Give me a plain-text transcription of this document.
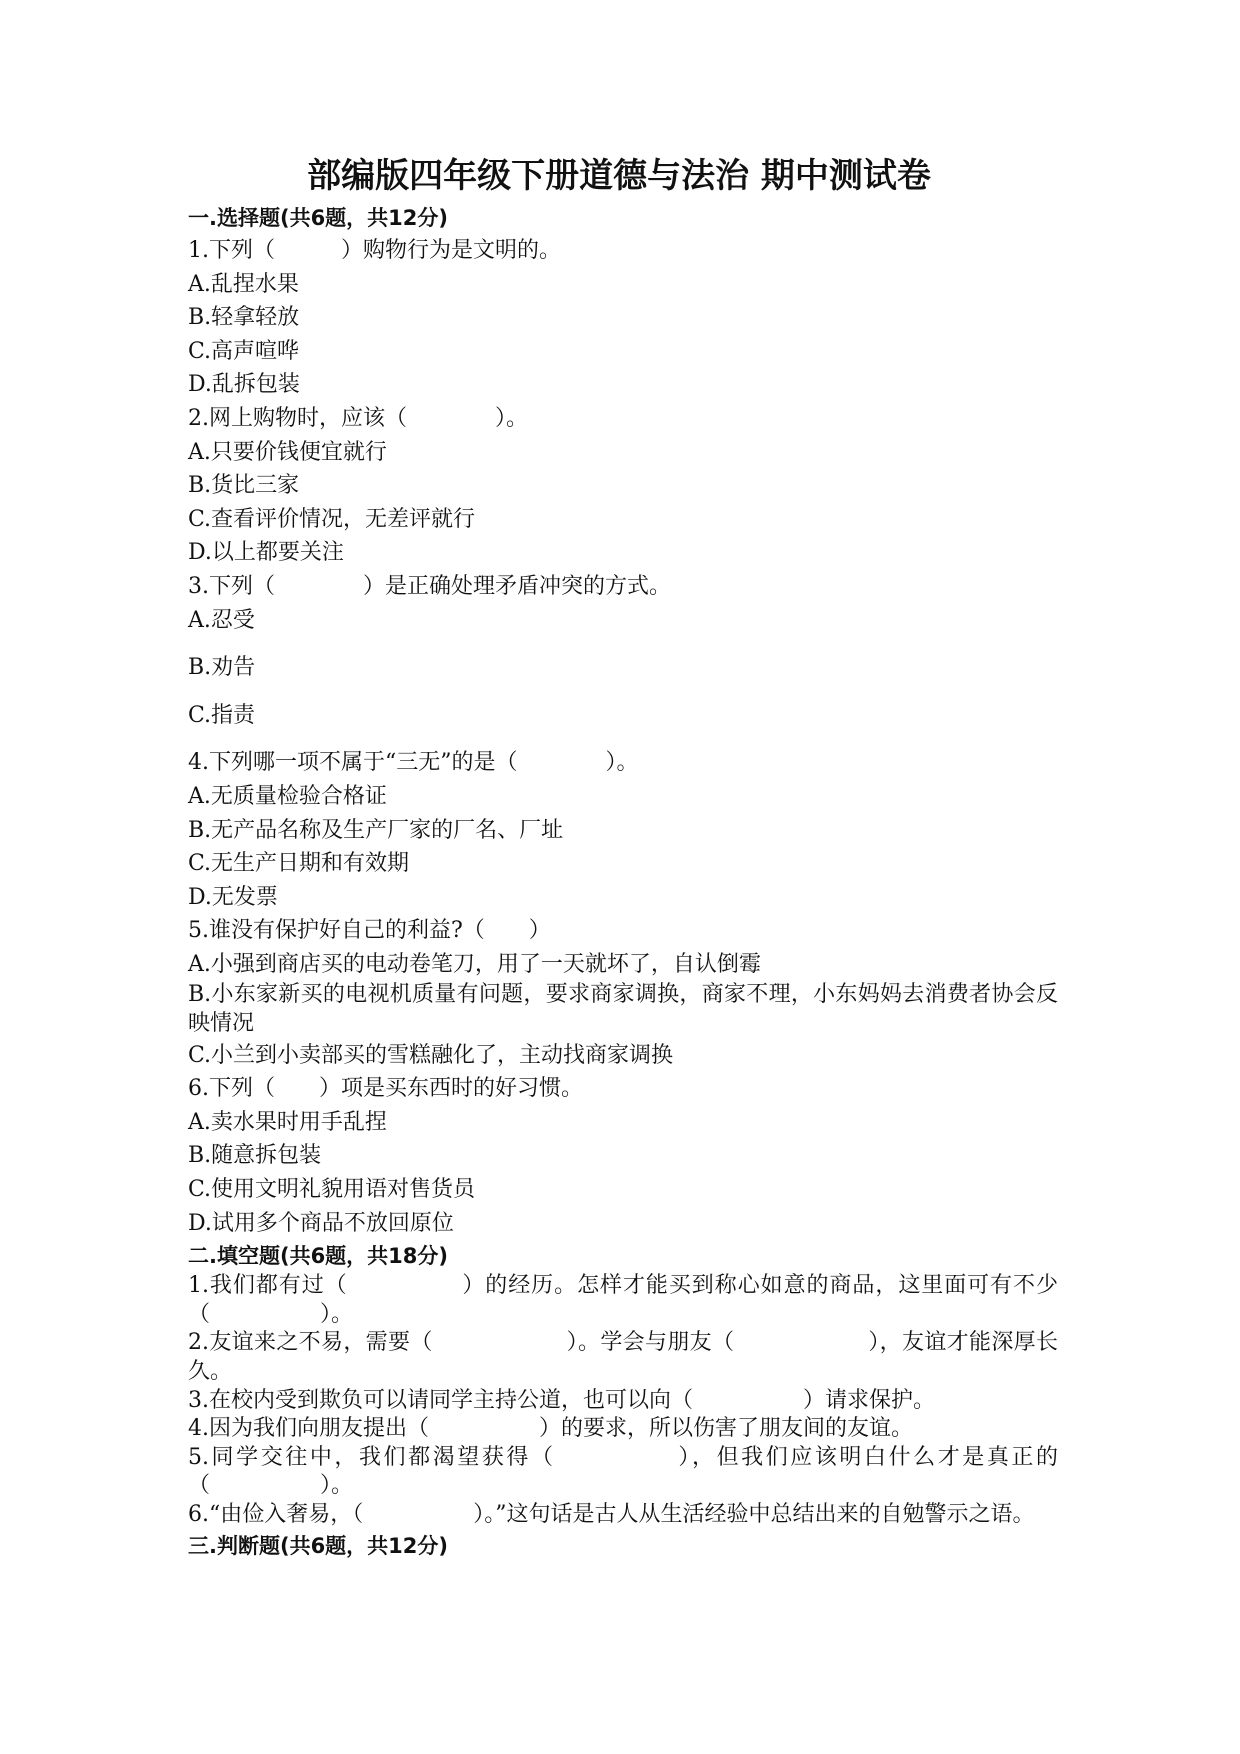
部编版四年级下册道德与法治 期中测试卷

一.选择题(共6题，共12分)

1.下列（　　　）购物行为是文明的。

A.乱捏水果

B.轻拿轻放

C.高声喧哗

D.乱拆包装

2.网上购物时，应该（　　　　）。

A.只要价钱便宜就行

B.货比三家

C.查看评价情况，无差评就行

D.以上都要关注

3.下列（　　　　）是正确处理矛盾冲突的方式。

A.忍受

B.劝告

C.指责

4.下列哪一项不属于“三无”的是（　　　　）。

A.无质量检验合格证

B.无产品名称及生产厂家的厂名、厂址

C.无生产日期和有效期

D.无发票

5.谁没有保护好自己的利益?（　　）

A.小强到商店买的电动卷笔刀，用了一天就坏了，自认倒霉

B.小东家新买的电视机质量有问题，要求商家调换，商家不理，小东妈妈去消费者协会反映情况

C.小兰到小卖部买的雪糕融化了，主动找商家调换

6.下列（　　）项是买东西时的好习惯。

A.卖水果时用手乱捏

B.随意拆包装

C.使用文明礼貌用语对售货员

D.试用多个商品不放回原位

二.填空题(共6题，共18分)

1.我们都有过（　　　　　）的经历。怎样才能买到称心如意的商品，这里面可有不少（　　　　　）。

2.友谊来之不易，需要（　　　　　　）。学会与朋友（　　　　　　），友谊才能深厚长久。

3.在校内受到欺负可以请同学主持公道，也可以向（　　　　　）请求保护。

4.因为我们向朋友提出（　　　　　）的要求，所以伤害了朋友间的友谊。

5.同学交往中，我们都渴望获得（　　　　　），但我们应该明白什么才是真正的（　　　　　）。

6.“由俭入奢易，（　　　　　）。”这句话是古人从生活经验中总结出来的自勉警示之语。

三.判断题(共6题，共12分)
